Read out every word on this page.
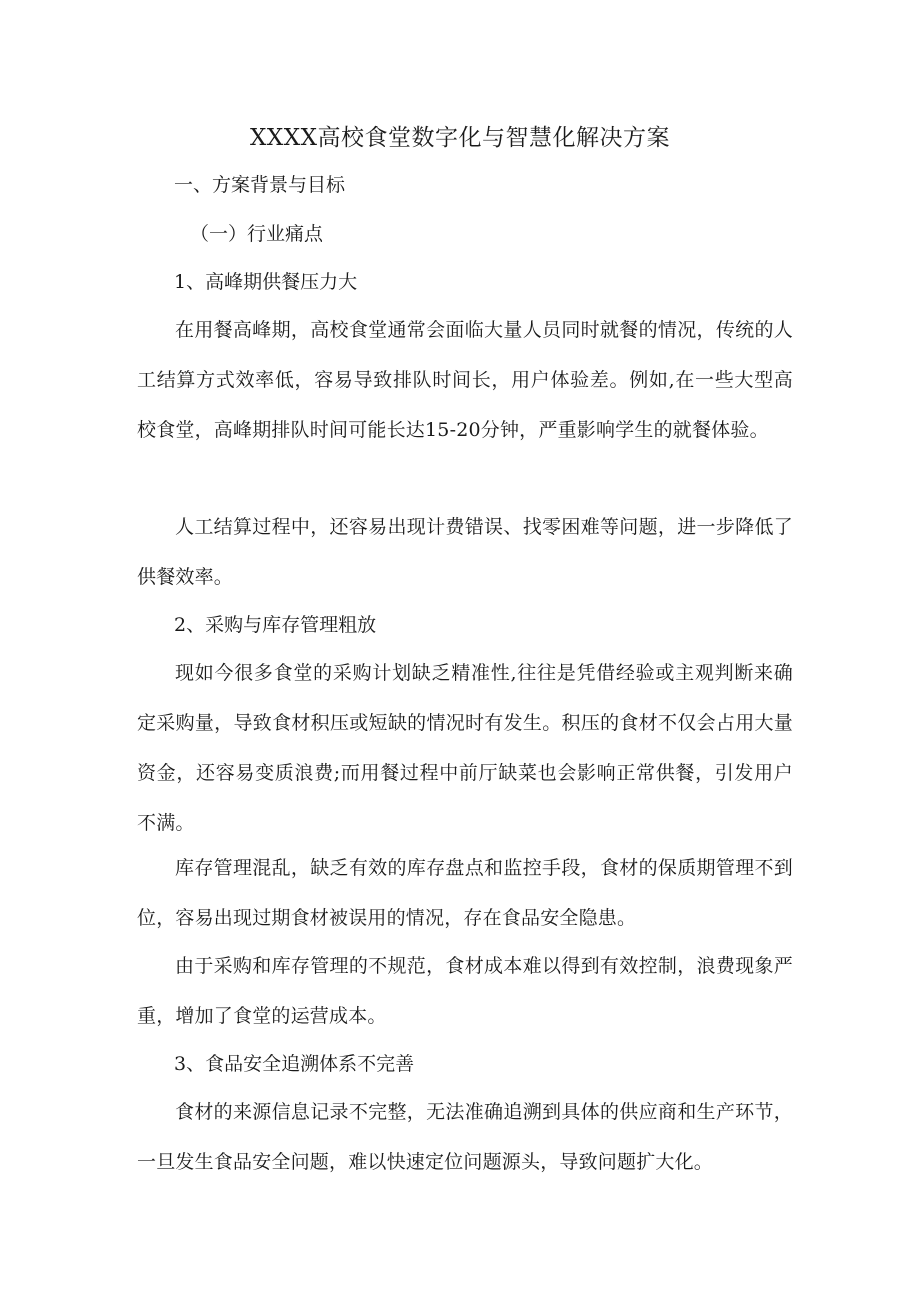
XXXX高校食堂数字化与智慧化解决方案
一、方案背景与目标
（一）行业痛点
1、高峰期供餐压力大
在用餐高峰期，高校食堂通常会面临大量人员同时就餐的情况，传统的人工结算方式效率低，容易导致排队时间长，用户体验差。例如,在一些大型高校食堂，高峰期排队时间可能长达15-20分钟，严重影响学生的就餐体验。
人工结算过程中，还容易出现计费错误、找零困难等问题，进一步降低了供餐效率。
2、采购与库存管理粗放
现如今很多食堂的采购计划缺乏精准性,往往是凭借经验或主观判断来确定采购量，导致食材积压或短缺的情况时有发生。积压的食材不仅会占用大量资金，还容易变质浪费;而用餐过程中前厅缺菜也会影响正常供餐，引发用户不满。
库存管理混乱，缺乏有效的库存盘点和监控手段，食材的保质期管理不到位，容易出现过期食材被误用的情况，存在食品安全隐患。
由于采购和库存管理的不规范，食材成本难以得到有效控制，浪费现象严重，增加了食堂的运营成本。
3、食品安全追溯体系不完善
食材的来源信息记录不完整，无法准确追溯到具体的供应商和生产环节，一旦发生食品安全问题，难以快速定位问题源头，导致问题扩大化。
